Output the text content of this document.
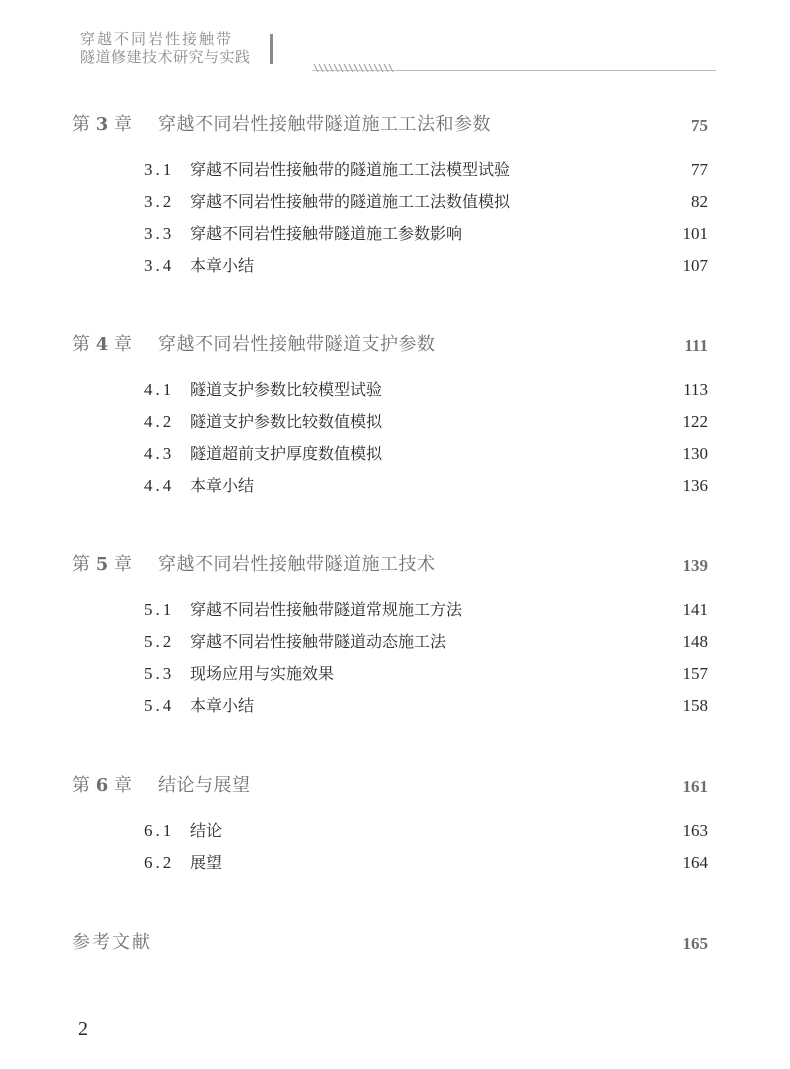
穿越不同岩性接触带
隧道修建技术研究与实践
第 3 章 穿越不同岩性接触带隧道施工工法和参数	75
3.1 穿越不同岩性接触带的隧道施工工法模型试验	77
3.2 穿越不同岩性接触带的隧道施工工法数值模拟	82
3.3 穿越不同岩性接触带隧道施工参数影响	101
3.4 本章小结	107
第 4 章 穿越不同岩性接触带隧道支护参数	111
4.1 隧道支护参数比较模型试验	113
4.2 隧道支护参数比较数值模拟	122
4.3 隧道超前支护厚度数值模拟	130
4.4 本章小结	136
第 5 章 穿越不同岩性接触带隧道施工技术	139
5.1 穿越不同岩性接触带隧道常规施工方法	141
5.2 穿越不同岩性接触带隧道动态施工法	148
5.3 现场应用与实施效果	157
5.4 本章小结	158
第 6 章 结论与展望	161
6.1 结论	163
6.2 展望	164
参考文献	165
2
